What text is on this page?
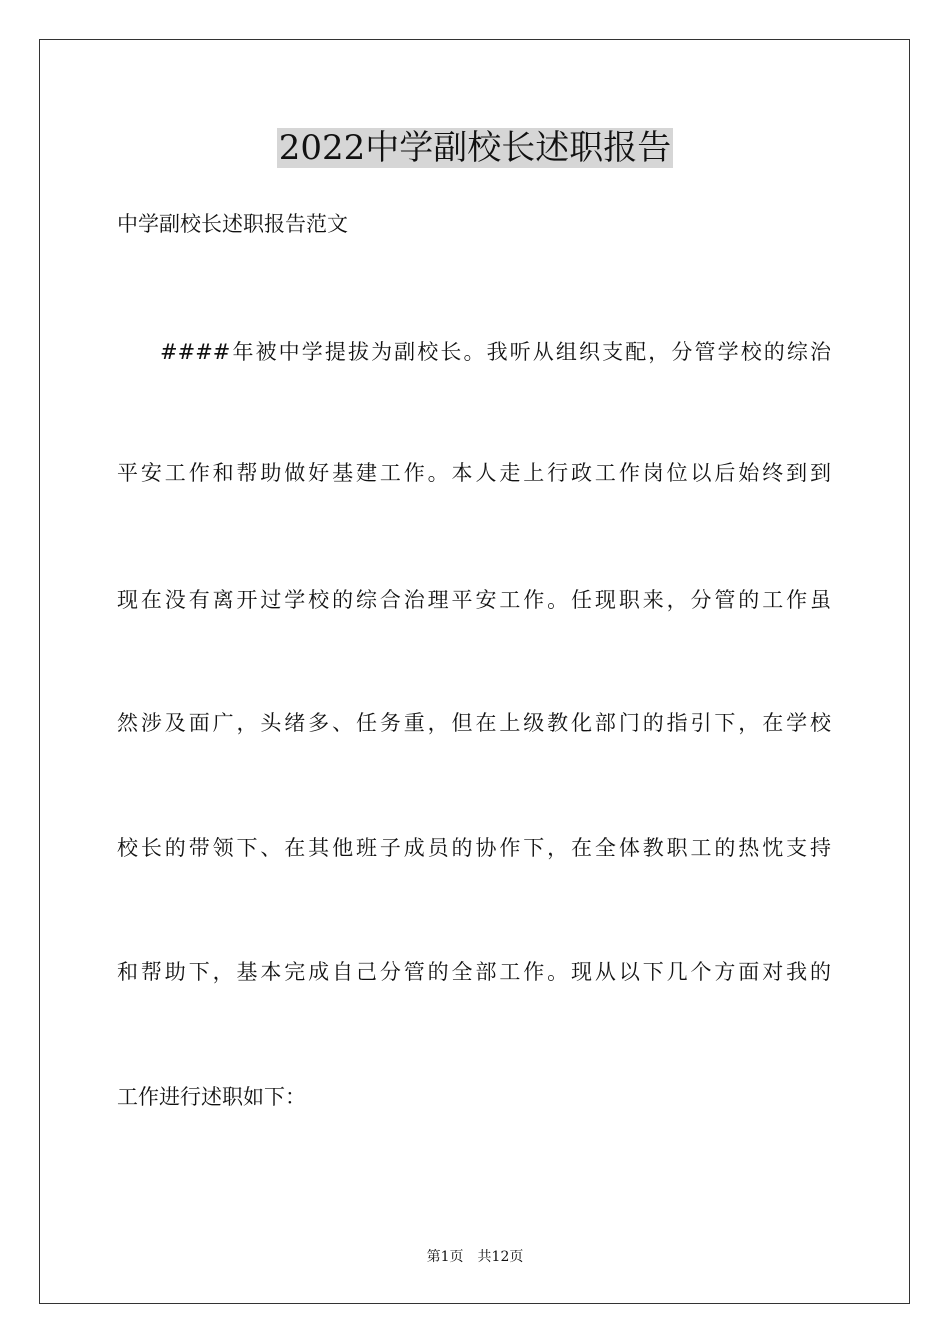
2022中学副校长述职报告
中学副校长述职报告范文
####年被中学提拔为副校长。我听从组织支配，分管学校的综治
平安工作和帮助做好基建工作。本人走上行政工作岗位以后始终到到
现在没有离开过学校的综合治理平安工作。任现职来，分管的工作虽
然涉及面广，头绪多、任务重，但在上级教化部门的指引下，在学校
校长的带领下、在其他班子成员的协作下，在全体教职工的热忱支持
和帮助下，基本完成自己分管的全部工作。现从以下几个方面对我的
工作进行述职如下：
第1页 共12页
